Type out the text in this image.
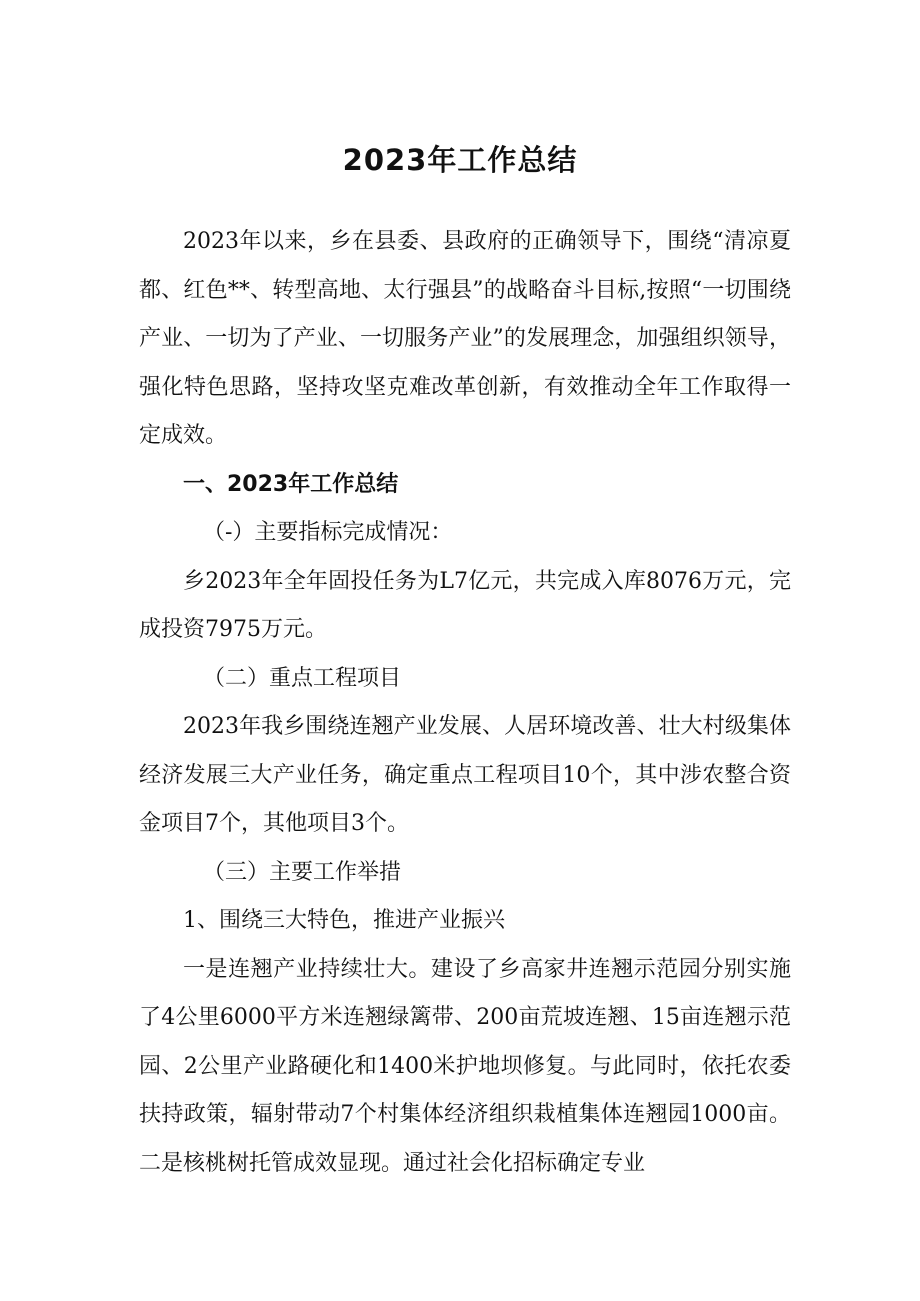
2023年工作总结

2023年以来，乡在县委、县政府的正确领导下，围绕“清凉夏都、红色**、转型高地、太行强县”的战略奋斗目标,按照“一切围绕产业、一切为了产业、一切服务产业”的发展理念，加强组织领导，强化特色思路，坚持攻坚克难改革创新，有效推动全年工作取得一定成效。

一、2023年工作总结

（-）主要指标完成情况：

乡2023年全年固投任务为L7亿元，共完成入库8076万元，完成投资7975万元。

（二）重点工程项目

2023年我乡围绕连翘产业发展、人居环境改善、壮大村级集体经济发展三大产业任务，确定重点工程项目10个，其中涉农整合资金项目7个，其他项目3个。

（三）主要工作举措

1、围绕三大特色，推进产业振兴

一是连翘产业持续壮大。建设了乡高家井连翘示范园分别实施了4公里6000平方米连翘绿篱带、200亩荒坡连翘、15亩连翘示范园、2公里产业路硬化和1400米护地坝修复。与此同时，依托农委扶持政策，辐射带动7个村集体经济组织栽植集体连翘园1000亩。二是核桃树托管成效显现。通过社会化招标确定专业
